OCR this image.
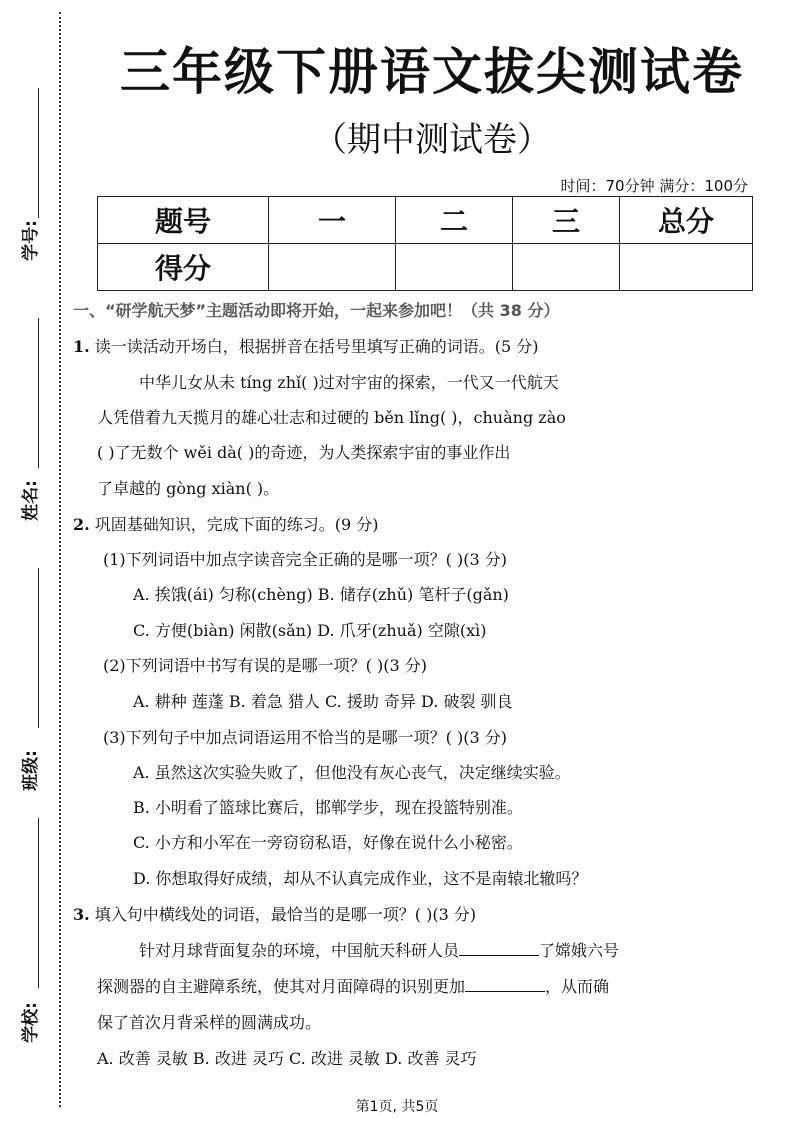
学号:
姓名:
班级:
学校:
三年级下册语文拔尖测试卷
（期中测试卷）
时间：70分钟 满分：100分
题号	一	二	三	总分
得分				
一、“研学航天梦”主题活动即将开始，一起来参加吧！（共 38 分）
1. 读一读活动开场白，根据拼音在括号里填写正确的词语。(5 分)
中华儿女从未 tíng zhǐ( )过对宇宙的探索，一代又一代航天
人凭借着九天揽月的雄心壮志和过硬的 běn lǐng( )，chuàng zào
( )了无数个 wěi dà( )的奇迹，为人类探索宇宙的事业作出
了卓越的 gòng xiàn( )。
2. 巩固基础知识，完成下面的练习。(9 分)
(1)下列词语中加点字读音完全正确的是哪一项？( )(3 分)
A. 挨饿(ái) 匀称(chèng) B. 储存(zhǔ) 笔杆子(gǎn)
C. 方便(biàn) 闲散(sǎn) D. 爪牙(zhuǎ) 空隙(xì)
(2)下列词语中书写有误的是哪一项？( )(3 分)
A. 耕种 莲蓬 B. 着急 猎人 C. 援助 奇异 D. 破裂 驯良
(3)下列句子中加点词语运用不恰当的是哪一项？( )(3 分)
A. 虽然这次实验失败了，但他没有灰心丧气，决定继续实验。
B. 小明看了篮球比赛后，邯郸学步，现在投篮特别准。
C. 小方和小军在一旁窃窃私语，好像在说什么小秘密。
D. 你想取得好成绩，却从不认真完成作业，这不是南辕北辙吗？
3. 填入句中横线处的词语，最恰当的是哪一项？( )(3 分)
针对月球背面复杂的环境，中国航天科研人员	了嫦娥六号
探测器的自主避障系统，使其对月面障碍的识别更加	，从而确
保了首次月背采样的圆满成功。
A. 改善 灵敏 B. 改进 灵巧 C. 改进 灵敏 D. 改善 灵巧
第1页, 共5页
